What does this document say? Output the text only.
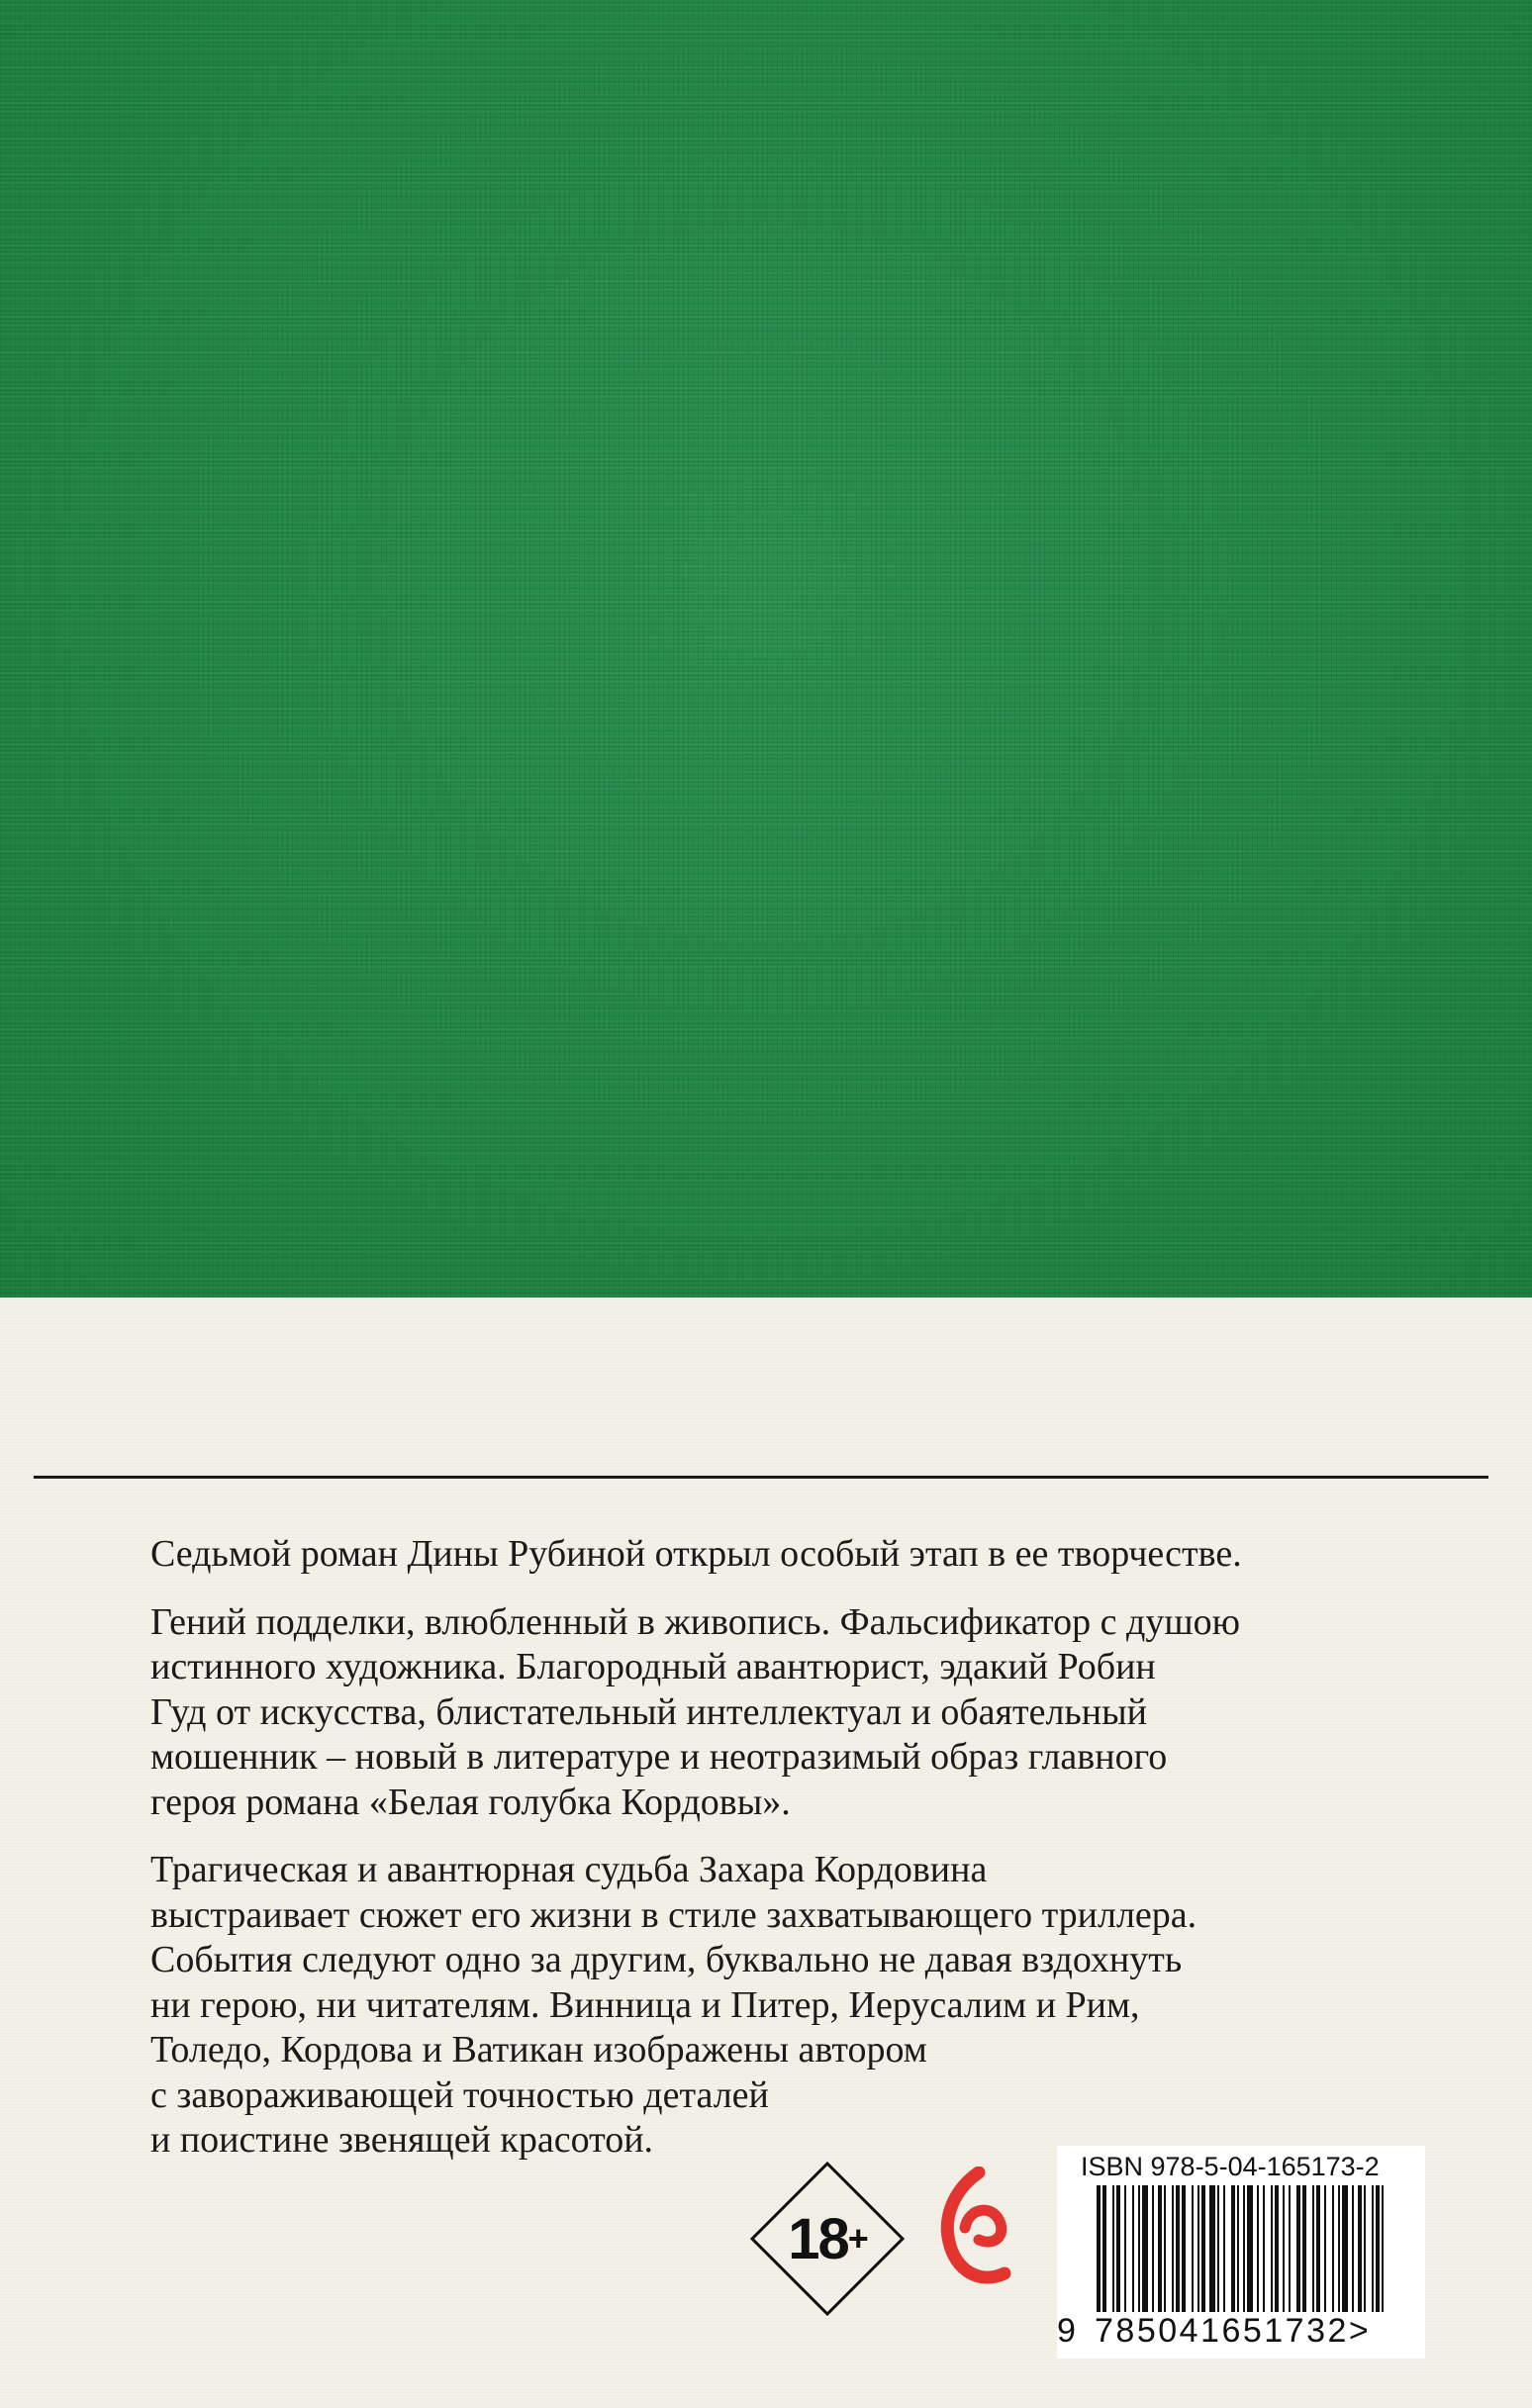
Седьмой роман Дины Рубиной открыл особый этап в ее творчестве.

Гений подделки, влюбленный в живопись. Фальсификатор с душою
истинного художника. Благородный авантюрист, эдакий Робин
Гуд от искусства, блистательный интеллектуал и обаятельный
мошенник – новый в литературе и неотразимый образ главного
героя романа «Белая голубка Кордовы».

Трагическая и авантюрная судьба Захара Кордовина
выстраивает сюжет его жизни в стиле захватывающего триллера.
События следуют одно за другим, буквально не давая вздохнуть
ни герою, ни читателям. Винница и Питер, Иерусалим и Рим,
Толедо, Кордова и Ватикан изображены автором
с завораживающей точностью деталей
и поистине звенящей красотой.

18 +
ISBN 978-5-04-165173-2
9 785041651732>
